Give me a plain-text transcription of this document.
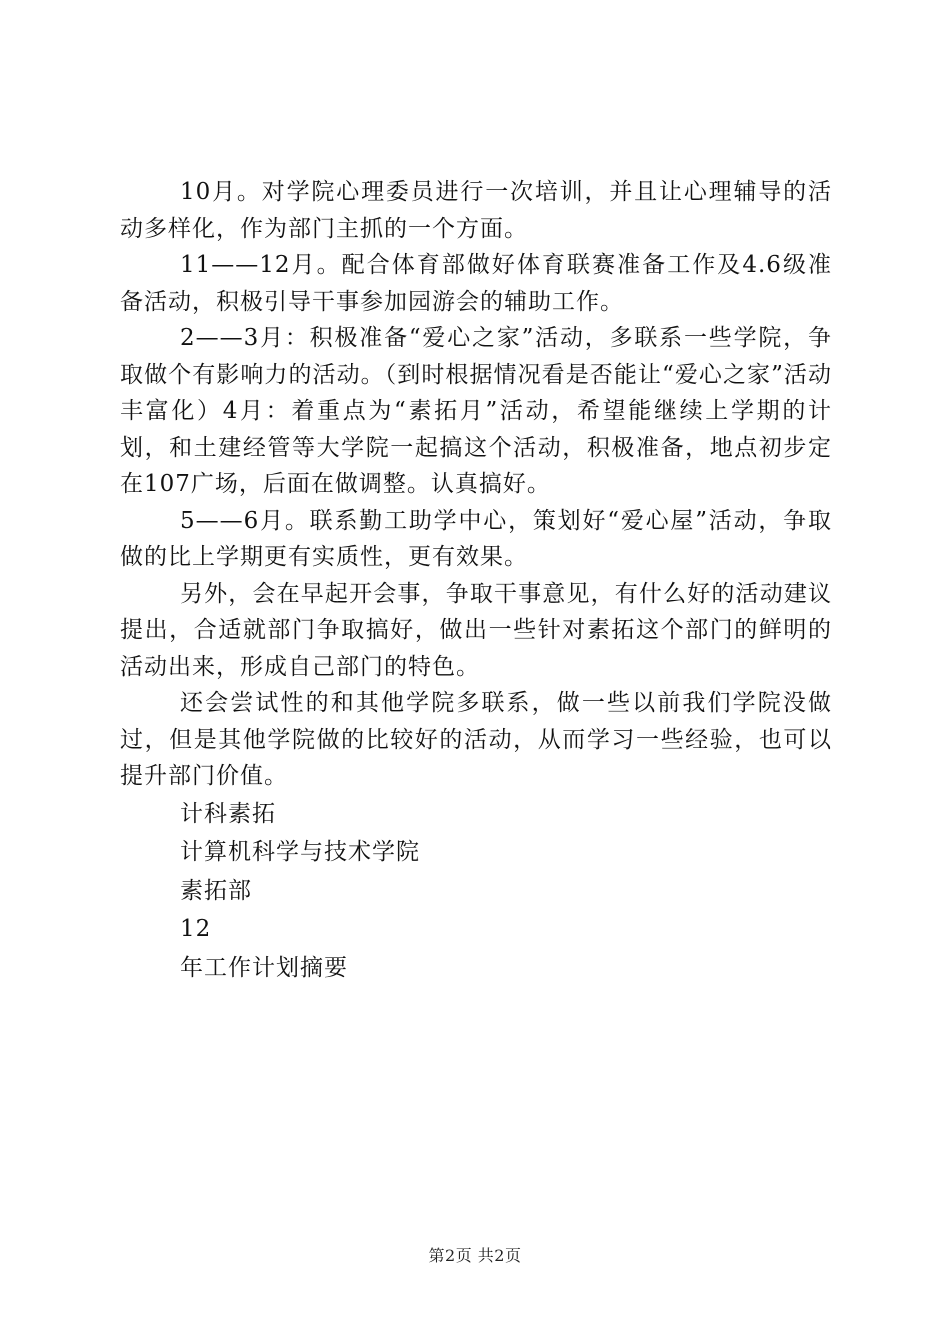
10月。对学院心理委员进行一次培训，并且让心理辅导的活动多样化，作为部门主抓的一个方面。

11——12月。配合体育部做好体育联赛准备工作及4.6级准备活动，积极引导干事参加园游会的辅助工作。

2——3月：积极准备“爱心之家”活动，多联系一些学院，争取做个有影响力的活动。（到时根据情况看是否能让“爱心之家”活动丰富化）4月：着重点为“素拓月”活动，希望能继续上学期的计划，和土建经管等大学院一起搞这个活动，积极准备，地点初步定在107广场，后面在做调整。认真搞好。

5——6月。联系勤工助学中心，策划好“爱心屋”活动，争取做的比上学期更有实质性，更有效果。

另外，会在早起开会事，争取干事意见，有什么好的活动建议提出，合适就部门争取搞好，做出一些针对素拓这个部门的鲜明的活动出来，形成自己部门的特色。

还会尝试性的和其他学院多联系，做一些以前我们学院没做过，但是其他学院做的比较好的活动，从而学习一些经验，也可以提升部门价值。

计科素拓
计算机科学与技术学院
素拓部
12
年工作计划摘要
第2页 共2页
